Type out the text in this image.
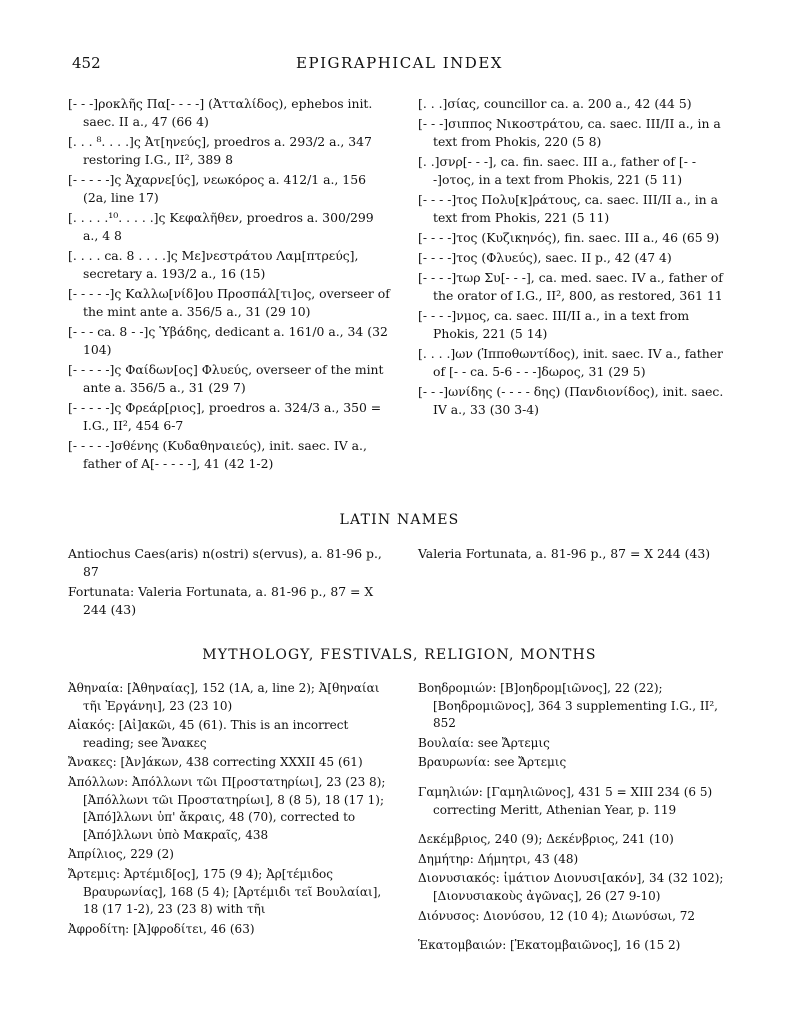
452	EPIGRAPHICAL INDEX

[- - -]ροκλῆς Πα[- - - -] (Ἀτταλίδος), ephebos init. saec. II a., 47 (66 4)

[. . . ⁸. . . .]ς Ἀτ[ηνεύς], proedros a. 293/2 a., 347 restoring I.G., II², 389 8

[- - - - -]ς Ἀχαρνε[ύς], νεωκόρος a. 412/1 a., 156 (2a, line 17)

[. . . . .¹⁰. . . . .]ς Κεφαλῆθεν, proedros a. 300/299 a., 4 8

[. . . . ca. 8 . . . .]ς Με]νεστράτου Λαμ[πτρεύς], secretary a. 193/2 a., 16 (15)

[- - - - -]ς Καλλω[νίδ]ου Προσπάλ[τι]ος, overseer of the mint ante a. 356/5 a., 31 (29 10)

[- - - ca. 8 - -]ς Ὑβάδης, dedicant a. 161/0 a., 34 (32 104)

[- - - - -]ς Φαίδων[ος] Φλυεύς, overseer of the mint ante a. 356/5 a., 31 (29 7)

[- - - - -]ς Φρεάρ[ριος], proedros a. 324/3 a., 350 = I.G., II², 454 6-7

[- - - - -]σθένης (Κυδαθηναιεύς), init. saec. IV a., father of Α[- - - - -], 41 (42 1-2)

[. . .]σίας, councillor ca. a. 200 a., 42 (44 5)

[- - -]σιππος Νικοστράτου, ca. saec. III/II a., in a text from Phokis, 220 (5 8)

[. .]σνρ[- - -], ca. fin. saec. III a., father of [- - -]οτος, in a text from Phokis, 221 (5 11)

[- - - -]τος Πολυ[κ]ράτους, ca. saec. III/II a., in a text from Phokis, 221 (5 11)

[- - - -]τος (Κυζικηνός), fin. saec. III a., 46 (65 9)

[- - - -]τος (Φλυεύς), saec. II p., 42 (47 4)

[- - - -]τωρ Συ[- - -], ca. med. saec. IV a., father of the orator of I.G., II², 800, as restored, 361 11

[- - - -]νμος, ca. saec. III/II a., in a text from Phokis, 221 (5 14)

[. . . .]ων (Ἱπποθωντίδος), init. saec. IV a., father of [- - ca. 5-6 - - -]δωρος, 31 (29 5)

[- - -]ωνίδης (- - - - δης) (Πανδιονίδος), init. saec. IV a., 33 (30 3-4)

LATIN NAMES

Antiochus Caes(aris) n(ostri) s(ervus), a. 81-96 p., 87

Fortunata: Valeria Fortunata, a. 81-96 p., 87 = X 244 (43)

Valeria Fortunata, a. 81-96 p., 87 = X 244 (43)

MYTHOLOGY, FESTIVALS, RELIGION, MONTHS

Ἀθηναία: [Ἀθηναίας], 152 (1A, a, line 2); Ἀ[θηναίαι τῆι Ἐργάνηι], 23 (23 10)

Αἰακός: [Αἰ]ακῶι, 45 (61). This is an incorrect reading; see Ἄνακες

Ἄνακες: [Ἀν]άκων, 438 correcting XXXII 45 (61)

Ἀπόλλων: Ἀπόλλωνι τῶι Π[ροστατηρίωι], 23 (23 8); [Ἀπόλλωνι τῶι Προστατηρίωι], 8 (8 5), 18 (17 1); [Ἀπό]λλωνι ὑπ' ἄκραις, 48 (70), corrected to [Ἀπό]λλωνι ὑπὸ Μακραῖς, 438

Ἀπρίλιος, 229 (2)

Ἄρτεμις: Ἀρτέμιδ[ος], 175 (9 4); Ἀρ[τέμιδος Βραυρωνίας], 168 (5 4); [Ἀρτέμιδι τεῖ Βουλαίαι], 18 (17 1-2), 23 (23 8) with τῆι

Ἀφροδίτη: [Ἀ]φροδίτει, 46 (63)

Βοηδρομιών: [Β]οηδρομ[ιῶνος], 22 (22); [Βοηδρομιῶνος], 364 3 supplementing I.G., II², 852

Βουλαία: see Ἄρτεμις

Βραυρωνία: see Ἄρτεμις

Γαμηλιών: [Γαμηλιῶνος], 431 5 = XIII 234 (6 5) correcting Meritt, Athenian Year, p. 119

Δεκέμβριος, 240 (9); Δεκένβριος, 241 (10)

Δημήτηρ: Δήμητρι, 43 (48)

Διονυσιακός: ἱμάτιον Διονυσι[ακόν], 34 (32 102); [Διονυσιακοὺς ἀγῶνας], 26 (27 9-10)

Διόνυσος: Διονύσου, 12 (10 4); Διωνύσωι, 72

Ἑκατομβαιών: [Ἑκατομβαιῶνος], 16 (15 2)
